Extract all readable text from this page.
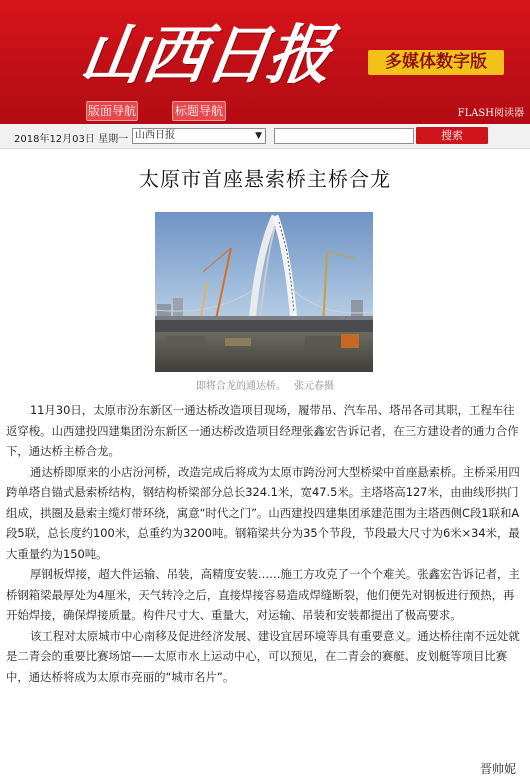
山西日报	多媒体数字版
版面导航	标题导航	FLASH阅读器
2018年12月03日 星期一 山西日报	▼	搜索
太原市首座悬索桥主桥合龙
即将合龙的通达桥。 张元春摄

11月30日，太原市汾东新区一通达桥改造项目现场，履带吊、汽车吊、塔吊各司其职，工程车往返穿梭。山西建投四建集团汾东新区一通达桥改造项目经理张鑫宏告诉记者，在三方建设者的通力合作下，通达桥主桥合龙。

通达桥即原来的小店汾河桥，改造完成后将成为太原市跨汾河大型桥梁中首座悬索桥。主桥采用四跨单塔自锚式悬索桥结构，钢结构桥梁部分总长324.1米，宽47.5米。主塔塔高127米，由曲线形拱门组成，拱圈及悬索主缆灯带环绕，寓意“时代之门”。山西建投四建集团承建范围为主塔西侧C段1联和A段5联，总长度约100米，总重约为3200吨。钢箱梁共分为35个节段，节段最大尺寸为6米×34米，最大重量约为150吨。

厚钢板焊接，超大件运输、吊装，高精度安装……施工方攻克了一个个难关。张鑫宏告诉记者，主桥钢箱梁最厚处为4厘米，天气转冷之后，直接焊接容易造成焊缝断裂，他们便先对钢板进行预热，再开始焊接，确保焊接质量。构件尺寸大、重量大，对运输、吊装和安装都提出了极高要求。

该工程对太原城市中心南移及促进经济发展、建设宜居环境等具有重要意义。通达桥往南不远处就是二青会的重要比赛场馆——太原市水上运动中心，可以预见，在二青会的赛艇、皮划艇等项目比赛中，通达桥将成为太原市亮丽的“城市名片”。

晋帅妮
